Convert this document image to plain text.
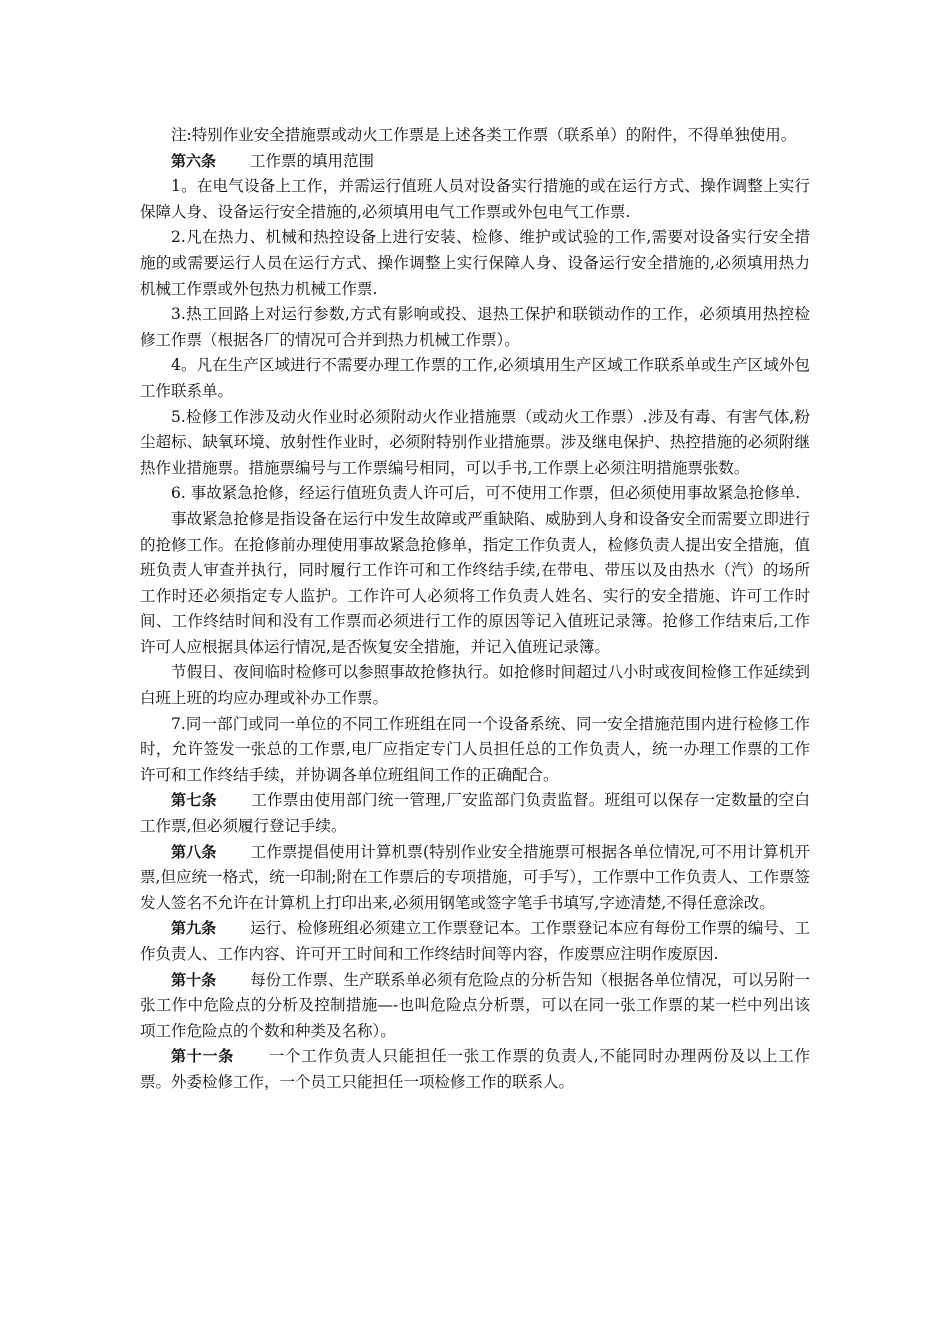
注:特别作业安全措施票或动火工作票是上述各类工作票（联系单）的附件，不得单独使用。

第六条 工作票的填用范围

1。在电气设备上工作，并需运行值班人员对设备实行措施的或在运行方式、操作调整上实行保障人身、设备运行安全措施的,必须填用电气工作票或外包电气工作票.

2.凡在热力、机械和热控设备上进行安装、检修、维护或试验的工作,需要对设备实行安全措施的或需要运行人员在运行方式、操作调整上实行保障人身、设备运行安全措施的,必须填用热力机械工作票或外包热力机械工作票.

3.热工回路上对运行参数,方式有影响或投、退热工保护和联锁动作的工作，必须填用热控检修工作票（根据各厂的情况可合并到热力机械工作票）。

4。凡在生产区域进行不需要办理工作票的工作,必须填用生产区域工作联系单或生产区域外包工作联系单。

5.检修工作涉及动火作业时必须附动火作业措施票（或动火工作票）.涉及有毒、有害气体,粉尘超标、缺氧环境、放射性作业时，必须附特别作业措施票。涉及继电保护、热控措施的必须附继热作业措施票。措施票编号与工作票编号相同，可以手书,工作票上必须注明措施票张数。

6. 事故紧急抢修，经运行值班负责人许可后，可不使用工作票，但必须使用事故紧急抢修单.

事故紧急抢修是指设备在运行中发生故障或严重缺陷、威胁到人身和设备安全而需要立即进行的抢修工作。在抢修前办理使用事故紧急抢修单，指定工作负责人，检修负责人提出安全措施，值班负责人审查并执行，同时履行工作许可和工作终结手续,在带电、带压以及由热水（汽）的场所工作时还必须指定专人监护。工作许可人必须将工作负责人姓名、实行的安全措施、许可工作时间、工作终结时间和没有工作票而必须进行工作的原因等记入值班记录簿。抢修工作结束后,工作许可人应根据具体运行情况,是否恢复安全措施，并记入值班记录簿。

节假日、夜间临时检修可以参照事故抢修执行。如抢修时间超过八小时或夜间检修工作延续到白班上班的均应办理或补办工作票。

7.同一部门或同一单位的不同工作班组在同一个设备系统、同一安全措施范围内进行检修工作时，允许签发一张总的工作票,电厂应指定专门人员担任总的工作负责人，统一办理工作票的工作许可和工作终结手续，并协调各单位班组间工作的正确配合。

第七条 工作票由使用部门统一管理,厂安监部门负责监督。班组可以保存一定数量的空白工作票,但必须履行登记手续。

第八条 工作票提倡使用计算机票(特别作业安全措施票可根据各单位情况,可不用计算机开票,但应统一格式，统一印制;附在工作票后的专项措施，可手写），工作票中工作负责人、工作票签发人签名不允许在计算机上打印出来,必须用钢笔或签字笔手书填写,字迹清楚,不得任意涂改。

第九条 运行、检修班组必须建立工作票登记本。工作票登记本应有每份工作票的编号、工作负责人、工作内容、许可开工时间和工作终结时间等内容，作废票应注明作废原因.

第十条 每份工作票、生产联系单必须有危险点的分析告知（根据各单位情况，可以另附一张工作中危险点的分析及控制措施—-也叫危险点分析票，可以在同一张工作票的某一栏中列出该项工作危险点的个数和种类及名称）。

第十一条 一个工作负责人只能担任一张工作票的负责人,不能同时办理两份及以上工作票。外委检修工作，一个员工只能担任一项检修工作的联系人。
